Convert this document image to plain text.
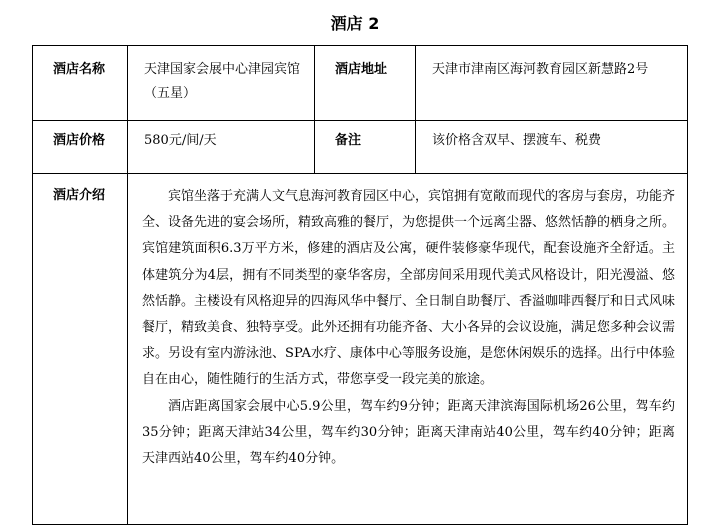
酒店 2
酒店名称	天津国家会展中心津园宾馆（五星）	酒店地址	天津市津南区海河教育园区新慧路2号
酒店价格	580元/间/天	备注	该价格含双早、摆渡车、税费
酒店介绍	宾馆坐落于充满人文气息海河教育园区中心，宾馆拥有宽敞而现代的客房与套房，功能齐全、设备先进的宴会场所，精致高雅的餐厅，为您提供一个远离尘器、悠然恬静的栖身之所。宾馆建筑面积6.3万平方米，修建的酒店及公寓，硬件装修豪华现代，配套设施齐全舒适。主体建筑分为4层，拥有不同类型的豪华客房，全部房间采用现代美式风格设计，阳光漫溢、悠然恬静。主楼设有风格迎异的四海风华中餐厅、全日制自助餐厅、香溢咖啡西餐厅和日式风味餐厅，精致美食、独特享受。此外还拥有功能齐备、大小各异的会议设施，满足您多种会议需求。另设有室内游泳池、SPA水疗、康体中心等服务设施，是您休闲娱乐的选择。出行中体验自在由心，随性随行的生活方式，带您享受一段完美的旅途。

酒店距离国家会展中心5.9公里，驾车约9分钟；距离天津滨海国际机场26公里，驾车约35分钟；距离天津站34公里，驾车约30分钟；距离天津南站40公里，驾车约40分钟；距离天津西站40公里，驾车约40分钟。		
